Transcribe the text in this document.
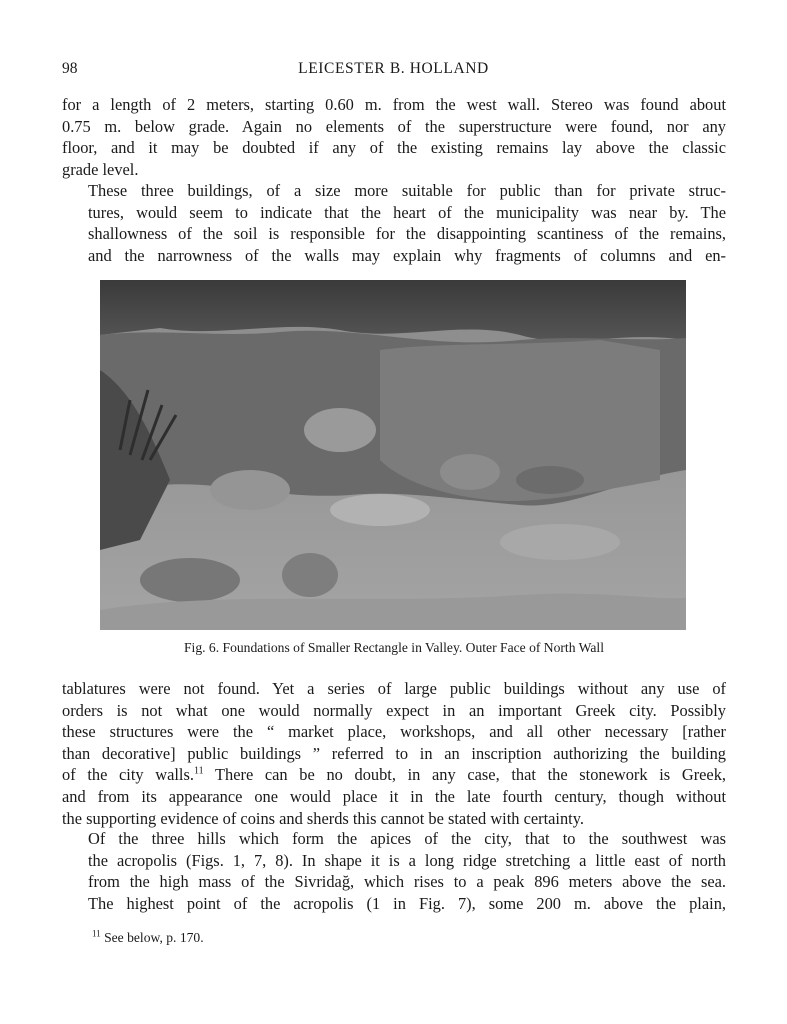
98	LEICESTER B. HOLLAND

for a length of 2 meters, starting 0.60 m. from the west wall. Stereo was found about
0.75 m. below grade. Again no elements of the superstructure were found, nor any
floor, and it may be doubted if any of the existing remains lay above the classic
grade level.

These three buildings, of a size more suitable for public than for private struc-
tures, would seem to indicate that the heart of the municipality was near by. The
shallowness of the soil is responsible for the disappointing scantiness of the remains,
and the narrowness of the walls may explain why fragments of columns and en-

Fig. 6. Foundations of Smaller Rectangle in Valley. Outer Face of North Wall

tablatures were not found. Yet a series of large public buildings without any use of
orders is not what one would normally expect in an important Greek city. Possibly
these structures were the “ market place, workshops, and all other necessary [rather
than decorative] public buildings ” referred to in an inscription authorizing the building
of the city walls.$^{11}$ There can be no doubt, in any case, that the stonework is Greek,
and from its appearance one would place it in the late fourth century, though without
the supporting evidence of coins and sherds this cannot be stated with certainty.

Of the three hills which form the apices of the city, that to the southwest was
the acropolis (Figs. 1, 7, 8). In shape it is a long ridge stretching a little east of north
from the high mass of the Sivridağ, which rises to a peak 896 meters above the sea.
The highest point of the acropolis (1 in Fig. 7), some 200 m. above the plain,

$^{11}$ See below, p. 170.
